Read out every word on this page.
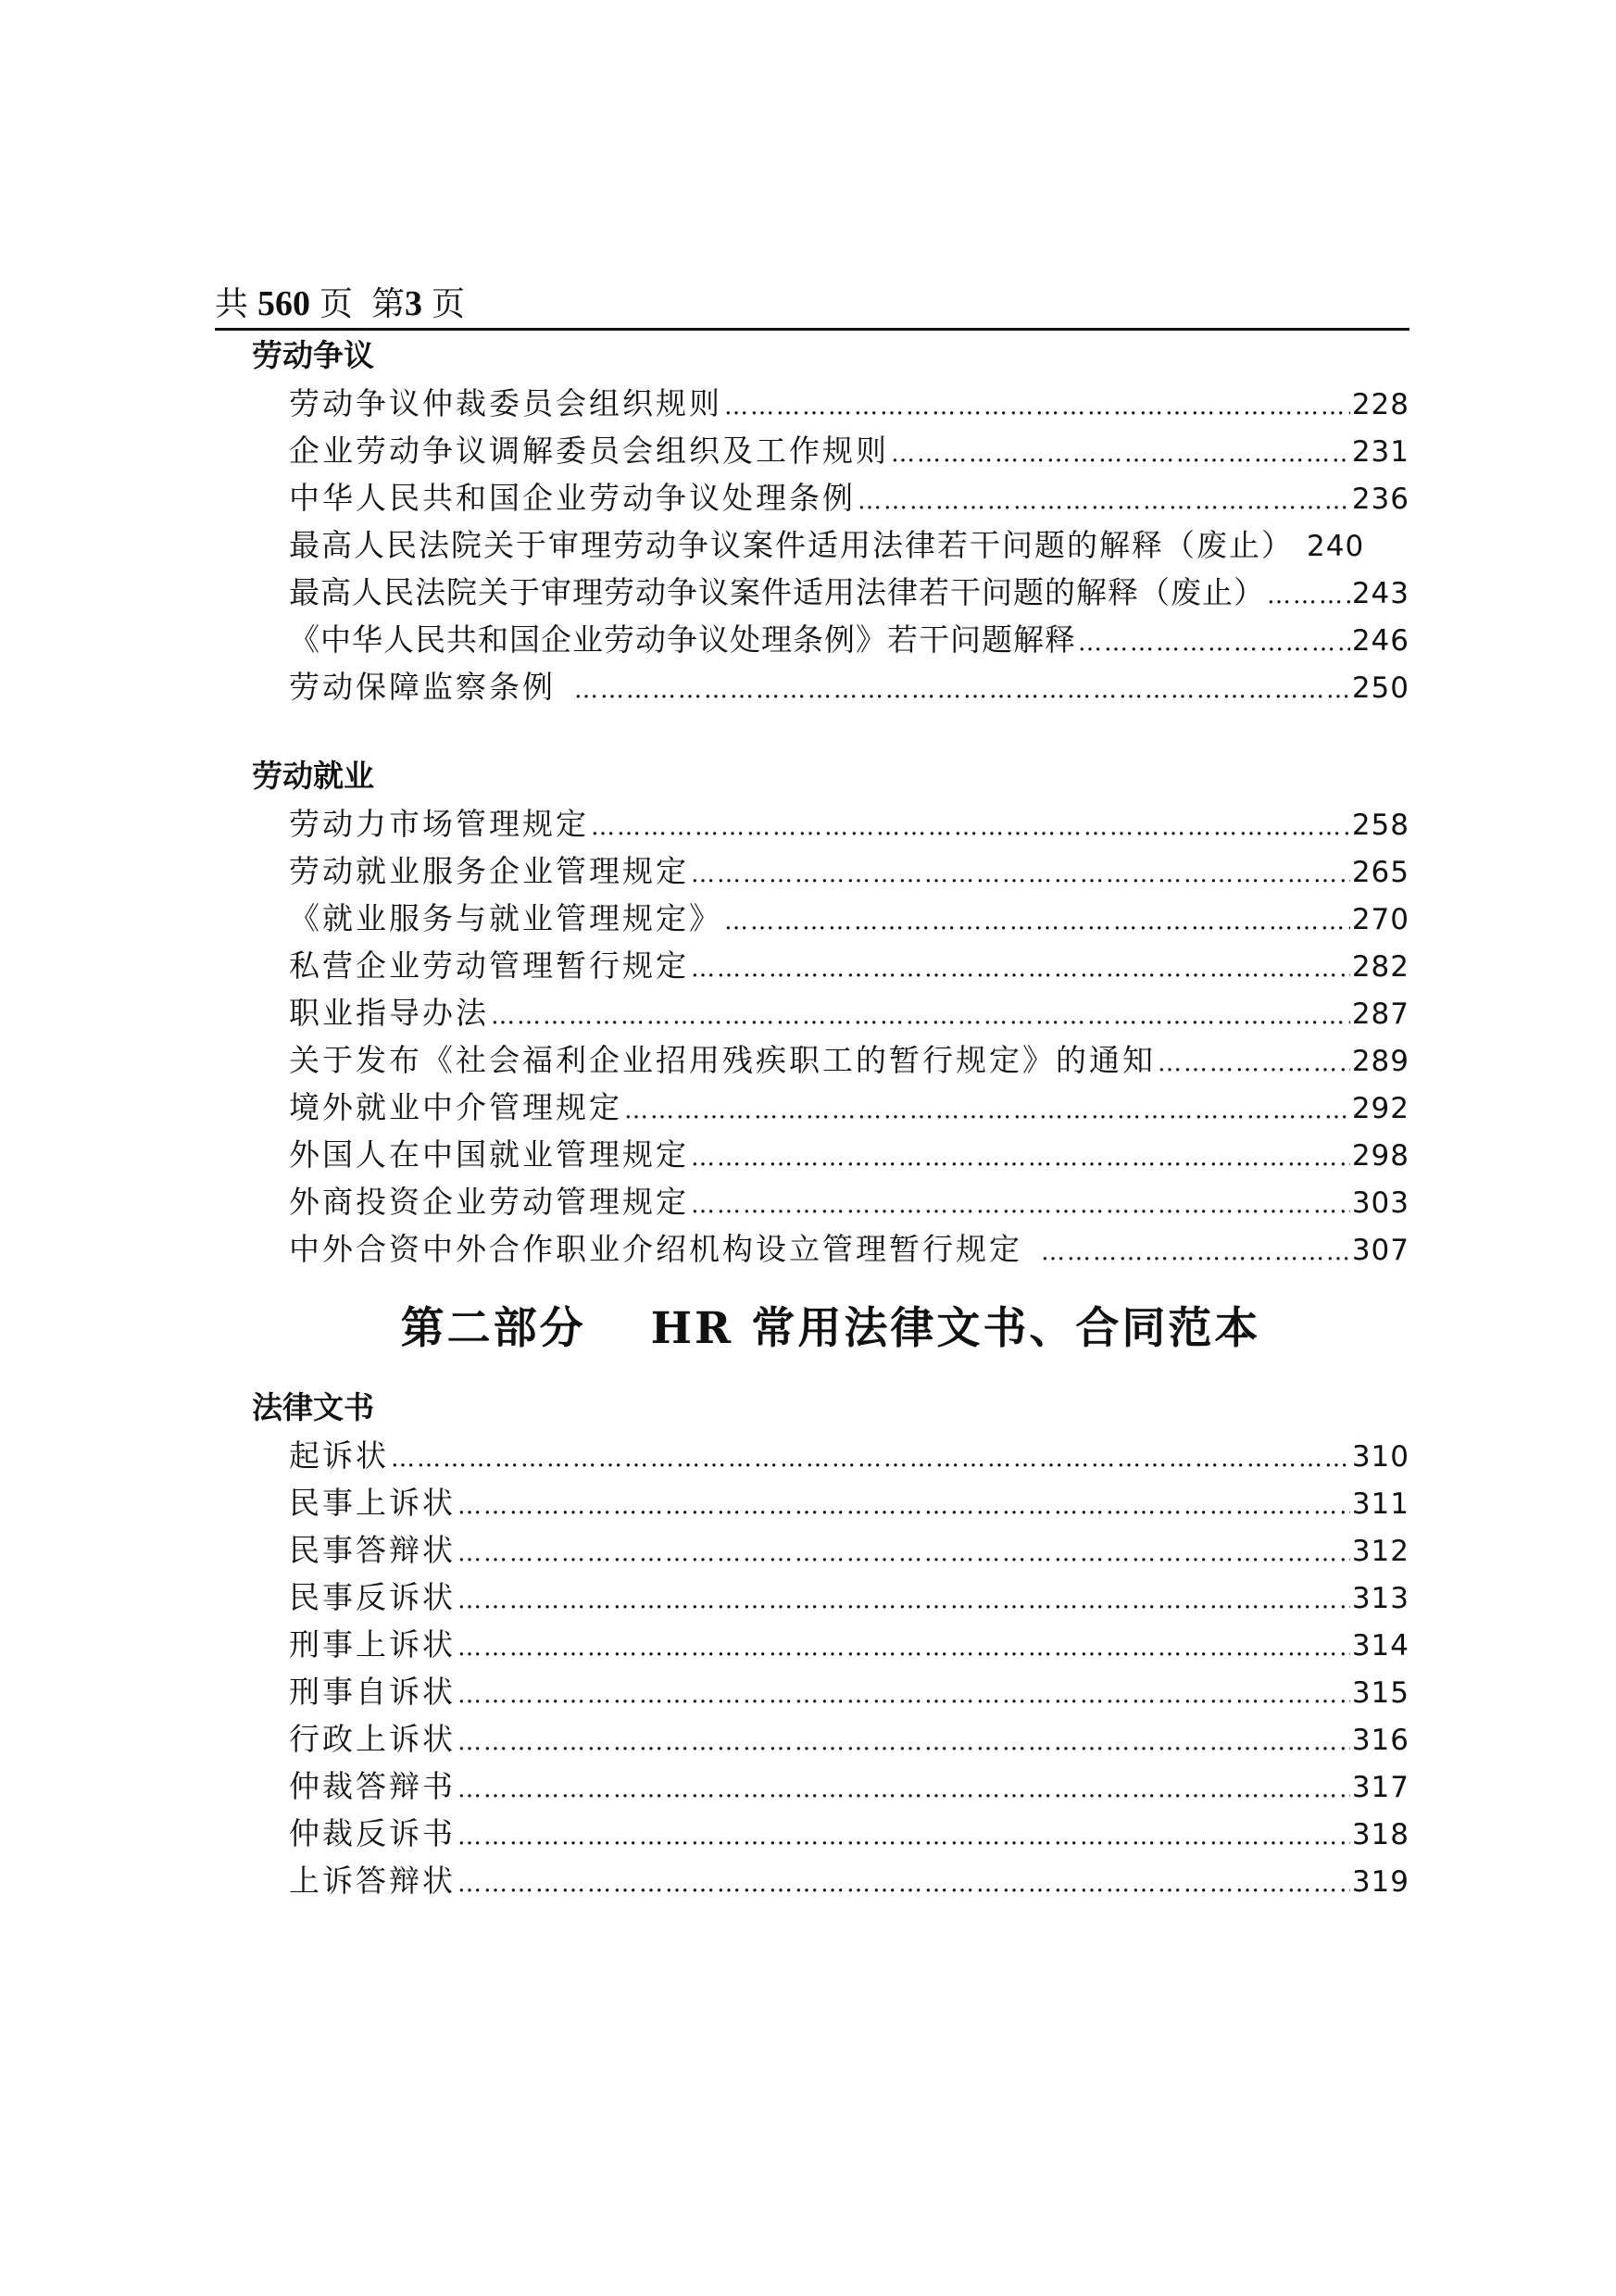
共 560 页 第3 页
劳动争议
劳动争议仲裁委员会组织规则 …………………………………………………………………………………………………………………………………………………………………………	228
企业劳动争议调解委员会组织及工作规则 …………………………………………………………………………………………………………………………………………………………………………	231
中华人民共和国企业劳动争议处理条例 …………………………………………………………………………………………………………………………………………………………………………	236
最高人民法院关于审理劳动争议案件适用法律若干问题的解释（废止） 240
最高人民法院关于审理劳动争议案件适用法律若干问题的解释（废止） …………………………………………………………………………………………………………………………………………………………………………	243
《中华人民共和国企业劳动争议处理条例》若干问题解释 …………………………………………………………………………………………………………………………………………………………………………	246
劳动保障监察条例 …………………………………………………………………………………………………………………………………………………………………………	250
劳动就业
劳动力市场管理规定 …………………………………………………………………………………………………………………………………………………………………………	258
劳动就业服务企业管理规定 …………………………………………………………………………………………………………………………………………………………………………	265
《就业服务与就业管理规定》 …………………………………………………………………………………………………………………………………………………………………………	270
私营企业劳动管理暂行规定 …………………………………………………………………………………………………………………………………………………………………………	282
职业指导办法 …………………………………………………………………………………………………………………………………………………………………………	287
关于发布《社会福利企业招用残疾职工的暂行规定》的通知 …………………………………………………………………………………………………………………………………………………………………………	289
境外就业中介管理规定 …………………………………………………………………………………………………………………………………………………………………………	292
外国人在中国就业管理规定 …………………………………………………………………………………………………………………………………………………………………………	298
外商投资企业劳动管理规定 …………………………………………………………………………………………………………………………………………………………………………	303
中外合资中外合作职业介绍机构设立管理暂行规定 …………………………………………………………………………………………………………………………………………………………………………	307
第二部分 HR 常用法律文书、合同范本
法律文书
起诉状 …………………………………………………………………………………………………………………………………………………………………………	310
民事上诉状 …………………………………………………………………………………………………………………………………………………………………………	311
民事答辩状 …………………………………………………………………………………………………………………………………………………………………………	312
民事反诉状 …………………………………………………………………………………………………………………………………………………………………………	313
刑事上诉状 …………………………………………………………………………………………………………………………………………………………………………	314
刑事自诉状 …………………………………………………………………………………………………………………………………………………………………………	315
行政上诉状 …………………………………………………………………………………………………………………………………………………………………………	316
仲裁答辩书 …………………………………………………………………………………………………………………………………………………………………………	317
仲裁反诉书 …………………………………………………………………………………………………………………………………………………………………………	318
上诉答辩状 …………………………………………………………………………………………………………………………………………………………………………	319
